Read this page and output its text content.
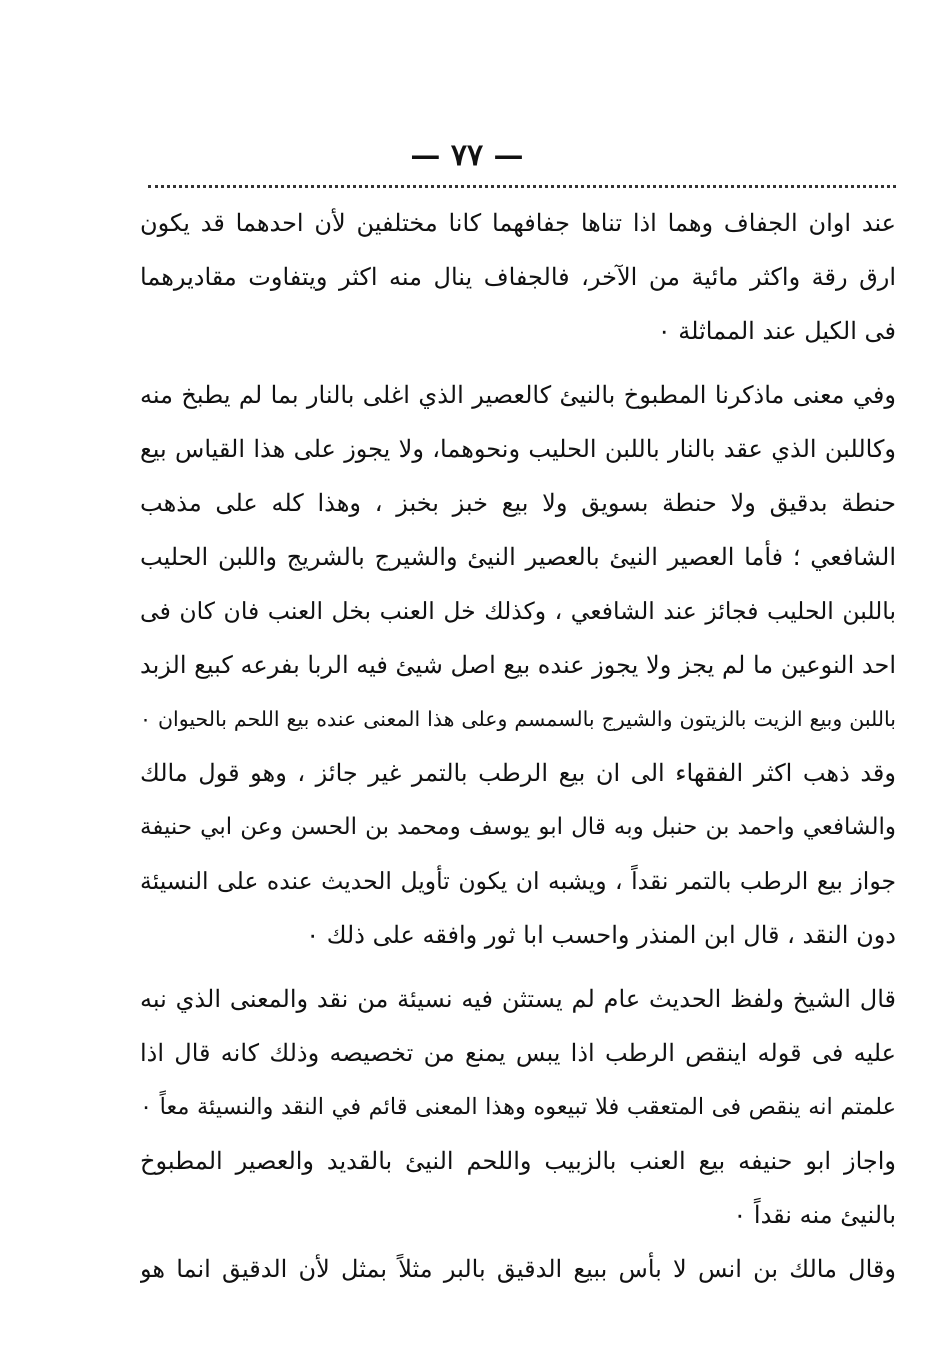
— ٧٧ —
عند اوان الجفاف وهما اذا تناها جفافهما كانا مختلفين لأن احدهما قد يكون
ارق رقة واكثر مائية من الآخر، فالجفاف ينال منه اكثر ويتفاوت مقاديرهما
فى الكيل عند المماثلة ٠
وفي معنى ماذكرنا المطبوخ بالنيئ كالعصير الذي اغلى بالنار بما لم يطبخ منه
وكاللبن الذي عقد بالنار باللبن الحليب ونحوهما، ولا يجوز على هذا القياس بيع
حنطة بدقيق ولا حنطة بسويق ولا بيع خبز بخبز ، وهذا كله على مذهب
الشافعي ؛ فأما العصير النيئ بالعصير النيئ والشيرج بالشريج واللبن الحليب
باللبن الحليب فجائز عند الشافعي ، وكذلك خل العنب بخل العنب فان كان فى
احد النوعين ما لم يجز ولا يجوز عنده بيع اصل شيئ فيه الربا بفرعه كبيع الزبد
باللبن وبيع الزيت بالزيتون والشيرج بالسمسم وعلى هذا المعنى عنده بيع اللحم بالحيوان ٠
وقد ذهب اكثر الفقهاء الى ان بيع الرطب بالتمر غير جائز ، وهو قول مالك
والشافعي واحمد بن حنبل وبه قال ابو يوسف ومحمد بن الحسن وعن ابي حنيفة
جواز بيع الرطب بالتمر نقداً ، ويشبه ان يكون تأويل الحديث عنده على النسيئة
دون النقد ، قال ابن المنذر واحسب ابا ثور وافقه على ذلك ٠
قال الشيخ ولفظ الحديث عام لم يستثن فيه نسيئة من نقد والمعنى الذي نبه
عليه فى قوله اينقص الرطب اذا يبس يمنع من تخصيصه وذلك كانه قال اذا
علمتم انه ينقص فى المتعقب فلا تبيعوه وهذا المعنى قائم في النقد والنسيئة معاً ٠
واجاز ابو حنيفه بيع العنب بالزبيب واللحم النيئ بالقديد والعصير المطبوخ
بالنيئ منه نقداً ٠
وقال مالك بن انس لا بأس ببيع الدقيق بالبر مثلاً بمثل لأن الدقيق انما هو
